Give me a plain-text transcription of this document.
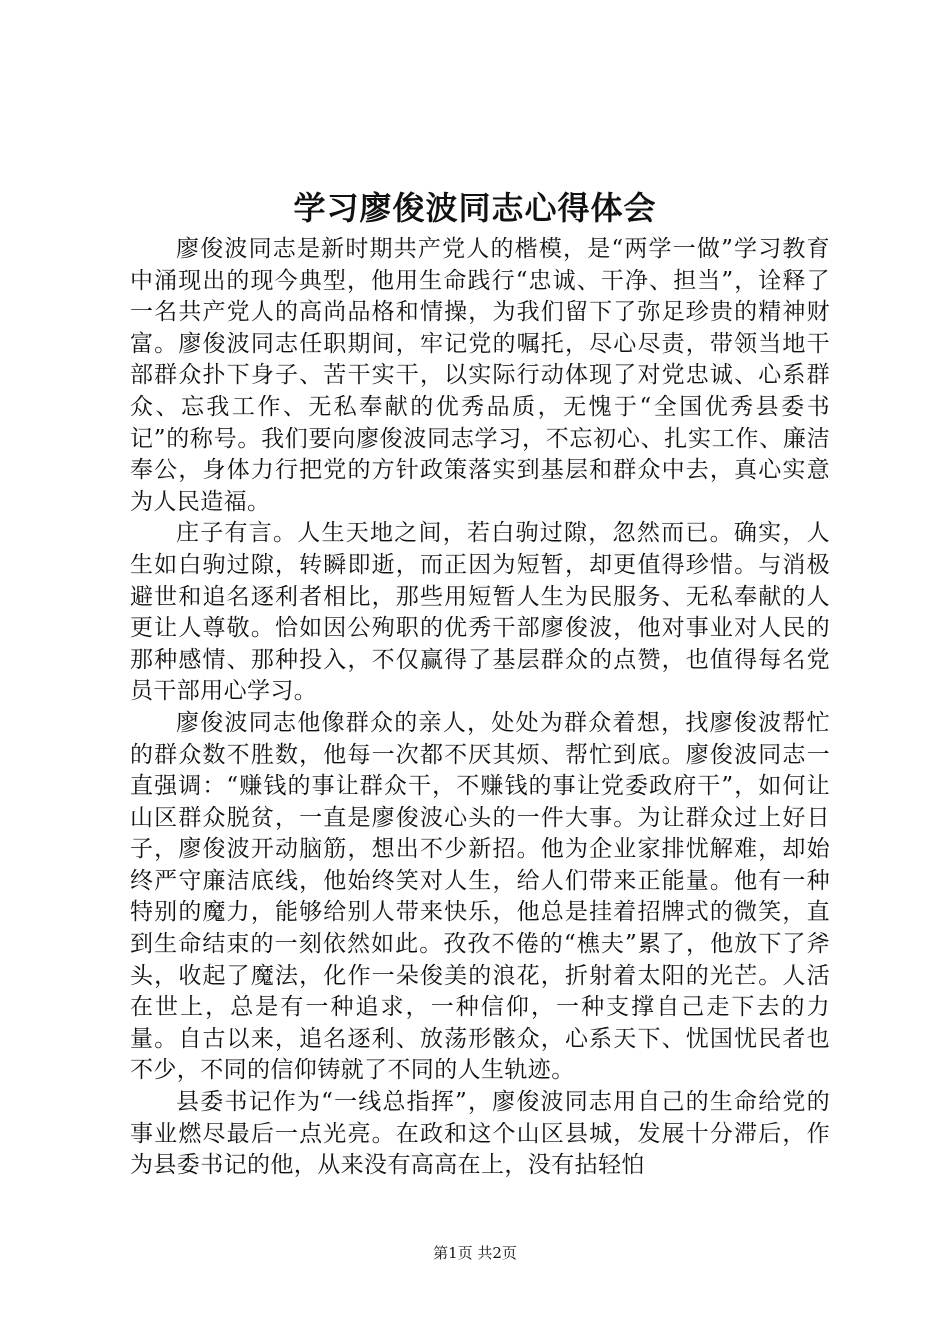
学习廖俊波同志心得体会

廖俊波同志是新时期共产党人的楷模，是“两学一做”学习教育中涌现出的现今典型，他用生命践行“忠诚、干净、担当”，诠释了一名共产党人的高尚品格和情操，为我们留下了弥足珍贵的精神财富。廖俊波同志任职期间，牢记党的嘱托，尽心尽责，带领当地干部群众扑下身子、苦干实干，以实际行动体现了对党忠诚、心系群众、忘我工作、无私奉献的优秀品质，无愧于“全国优秀县委书记”的称号。我们要向廖俊波同志学习，不忘初心、扎实工作、廉洁奉公，身体力行把党的方针政策落实到基层和群众中去，真心实意为人民造福。

庄子有言。人生天地之间，若白驹过隙，忽然而已。确实，人生如白驹过隙，转瞬即逝，而正因为短暂，却更值得珍惜。与消极避世和追名逐利者相比，那些用短暂人生为民服务、无私奉献的人更让人尊敬。恰如因公殉职的优秀干部廖俊波，他对事业对人民的那种感情、那种投入，不仅赢得了基层群众的点赞，也值得每名党员干部用心学习。

廖俊波同志他像群众的亲人，处处为群众着想，找廖俊波帮忙的群众数不胜数，他每一次都不厌其烦、帮忙到底。廖俊波同志一直强调：“赚钱的事让群众干，不赚钱的事让党委政府干”，如何让山区群众脱贫，一直是廖俊波心头的一件大事。为让群众过上好日子，廖俊波开动脑筋，想出不少新招。他为企业家排忧解难，却始终严守廉洁底线，他始终笑对人生，给人们带来正能量。他有一种特别的魔力，能够给别人带来快乐，他总是挂着招牌式的微笑，直到生命结束的一刻依然如此。孜孜不倦的“樵夫”累了，他放下了斧头，收起了魔法，化作一朵俊美的浪花，折射着太阳的光芒。人活在世上，总是有一种追求，一种信仰，一种支撑自己走下去的力量。自古以来，追名逐利、放荡形骸众，心系天下、忧国忧民者也不少，不同的信仰铸就了不同的人生轨迹。

县委书记作为“一线总指挥”，廖俊波同志用自己的生命给党的事业燃尽最后一点光亮。在政和这个山区县城，发展十分滞后，作为县委书记的他，从来没有高高在上，没有拈轻怕

第1页 共2页
